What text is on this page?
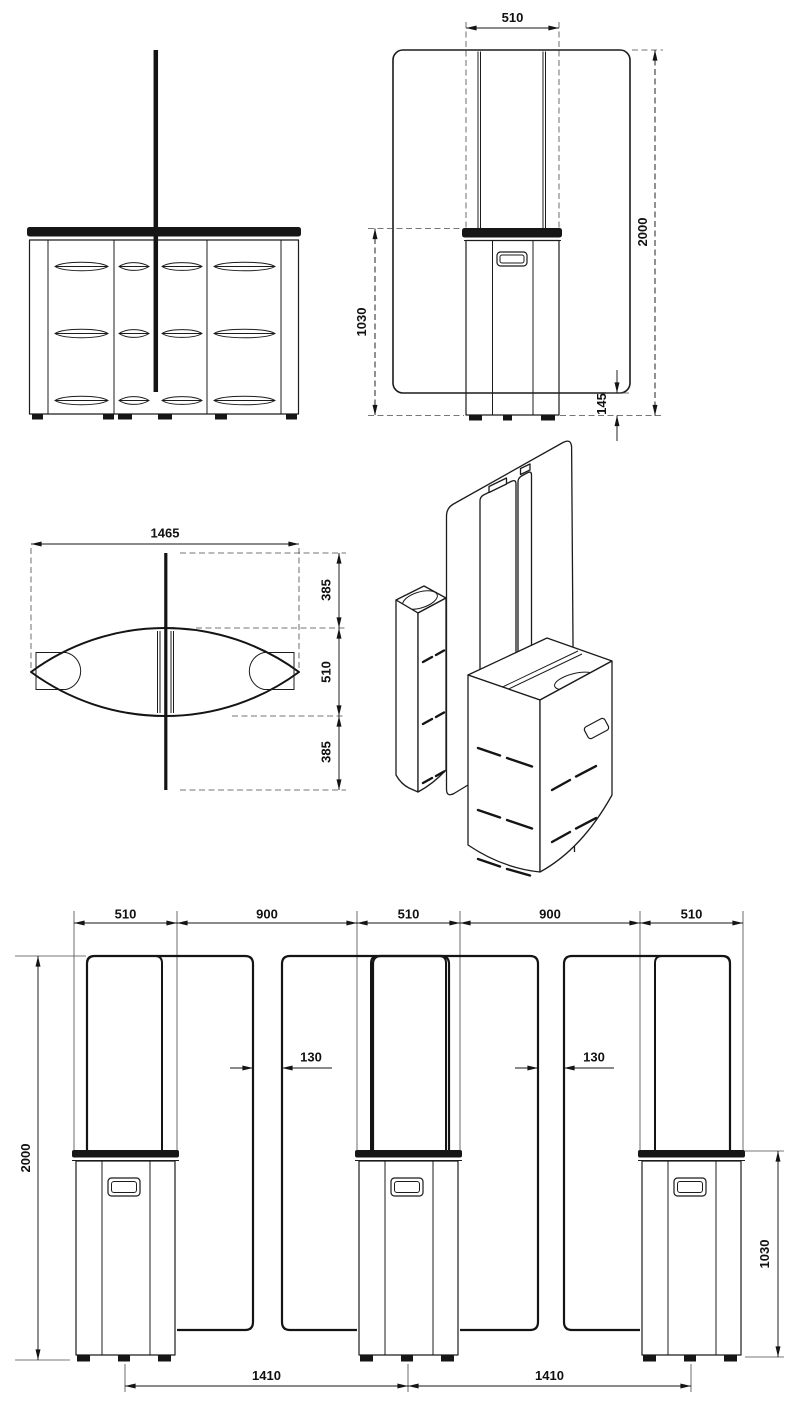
510
2000
1030
145
1465
385
510
385
510	900	510	900	510
130	130
2000
1030
1410	1410
